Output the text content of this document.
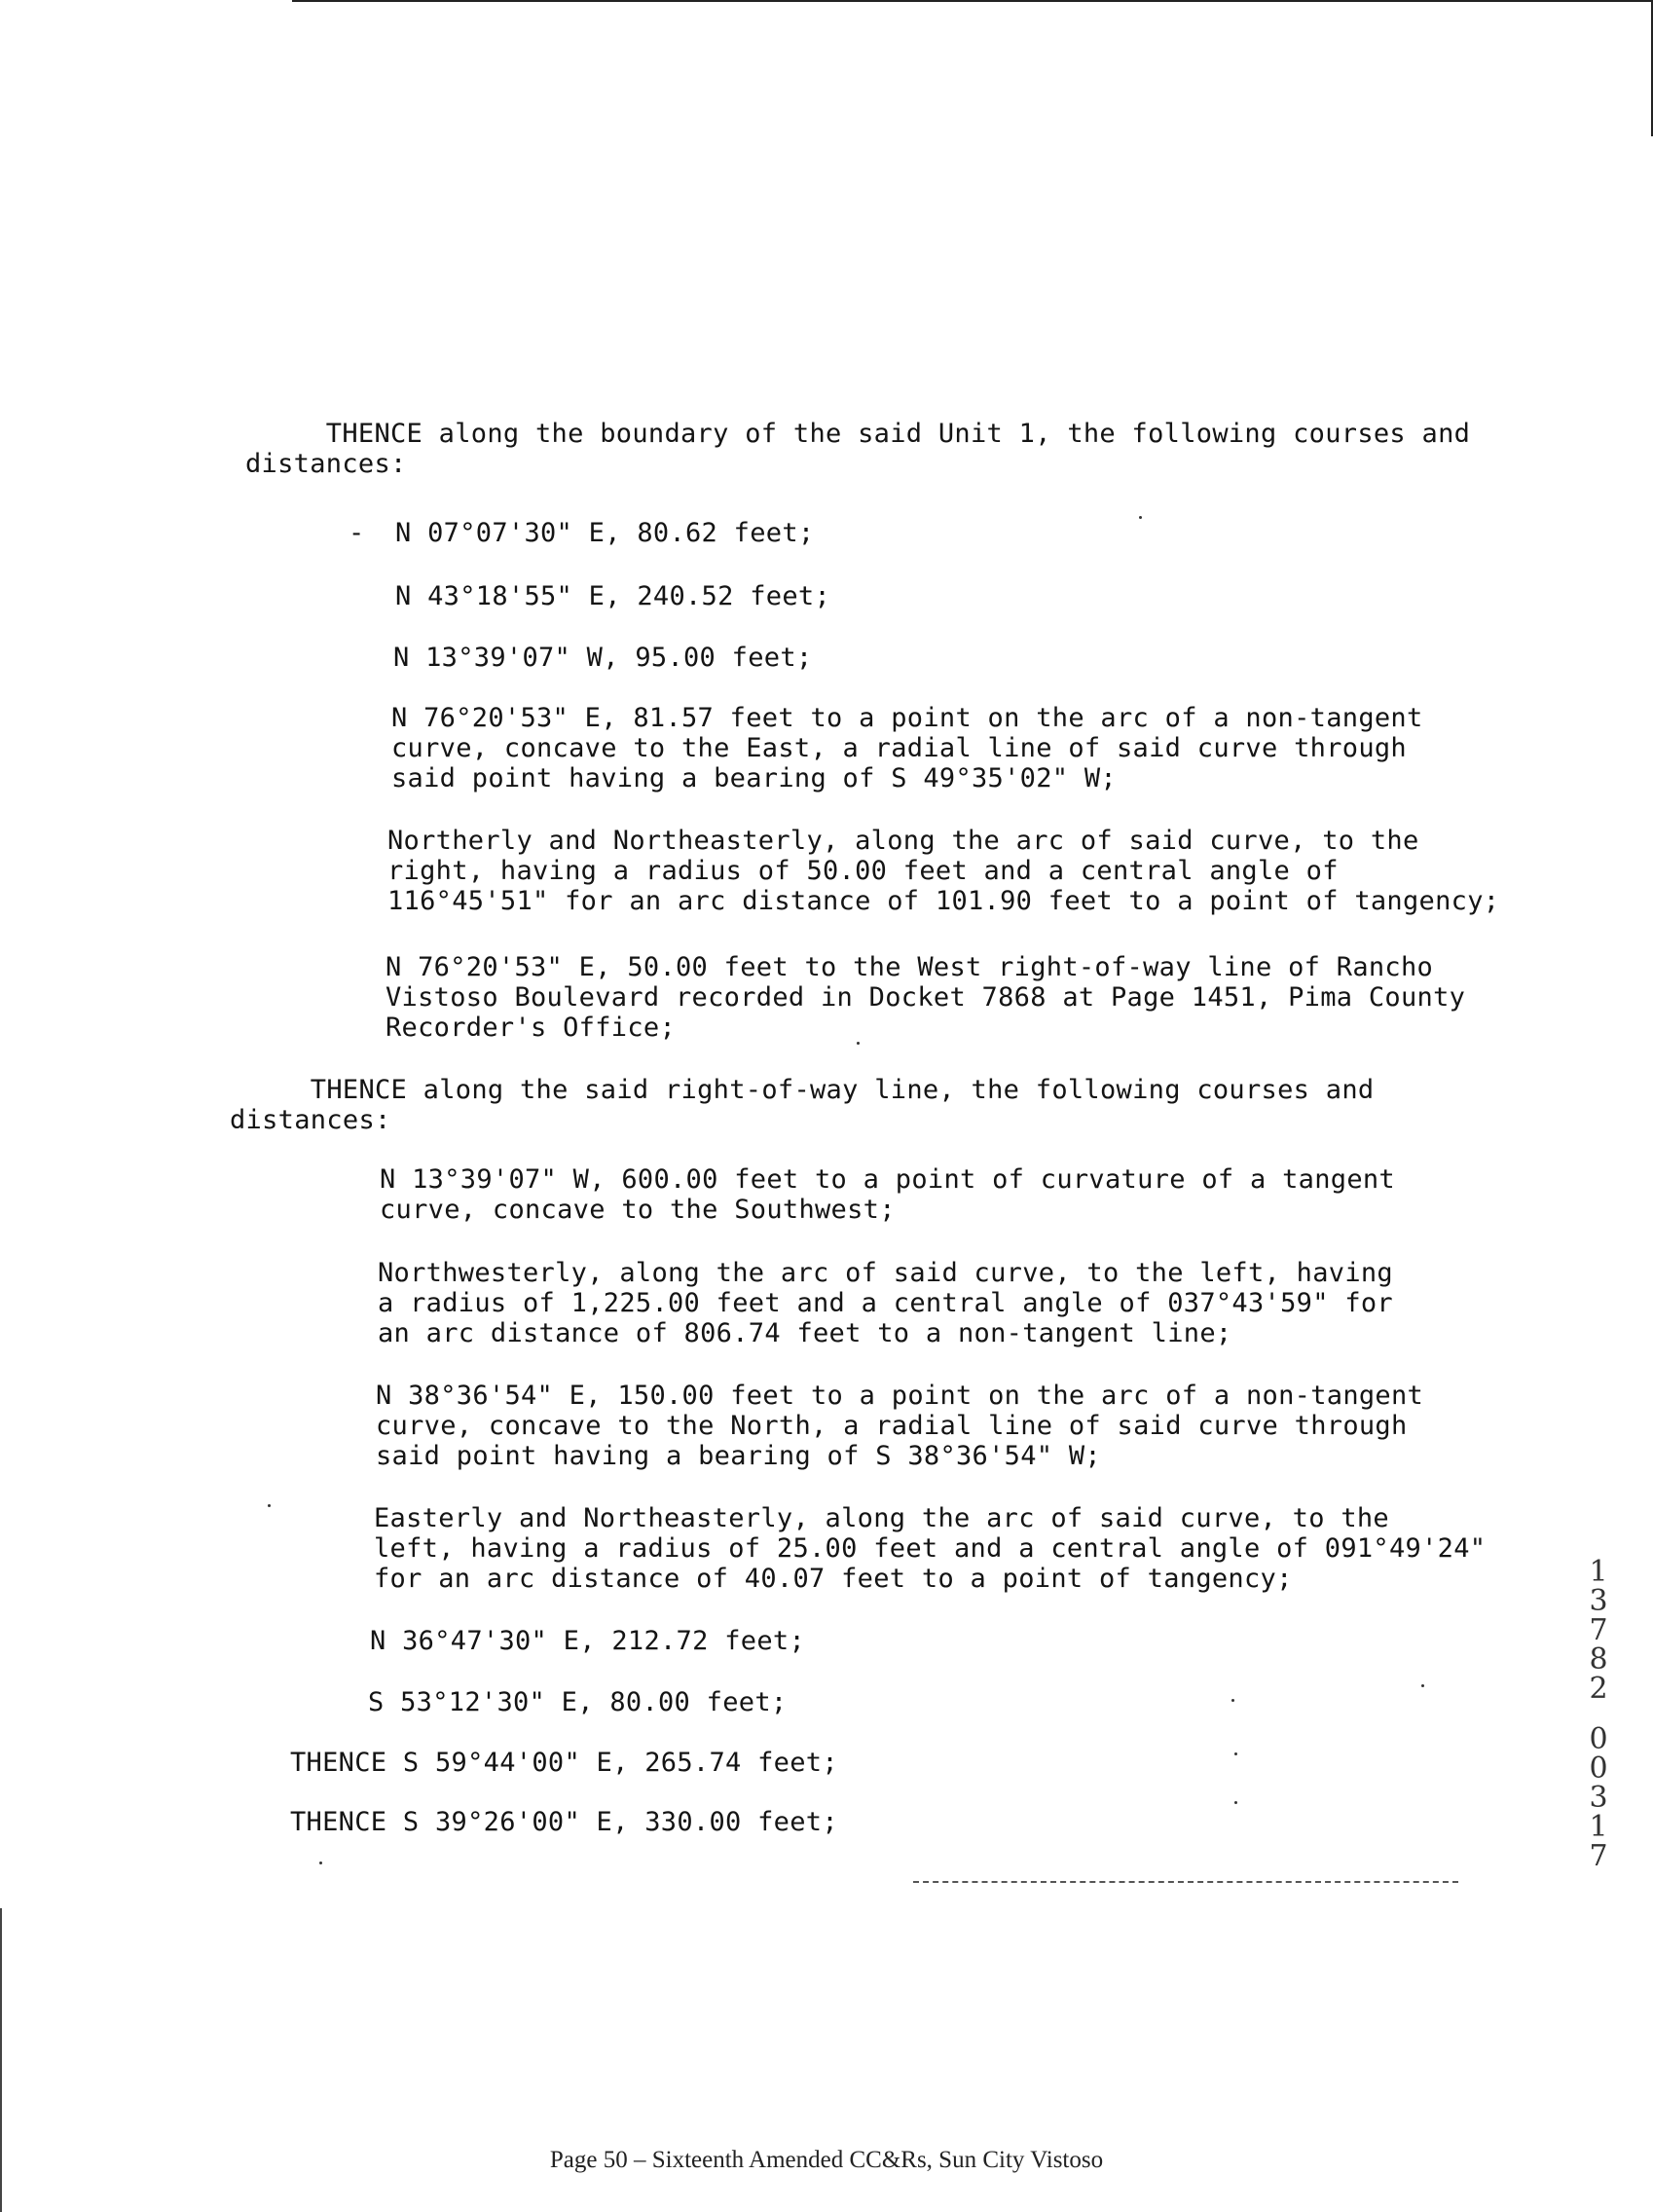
THENCE along the boundary of the said Unit 1, the following courses and
distances:

- N 07°07'30" E, 80.62 feet;

N 43°18'55" E, 240.52 feet;

N 13°39'07" W, 95.00 feet;

N 76°20'53" E, 81.57 feet to a point on the arc of a non-tangent
curve, concave to the East, a radial line of said curve through
said point having a bearing of S 49°35'02" W;

Northerly and Northeasterly, along the arc of said curve, to the
right, having a radius of 50.00 feet and a central angle of
116°45'51" for an arc distance of 101.90 feet to a point of tangency;

N 76°20'53" E, 50.00 feet to the West right-of-way line of Rancho
Vistoso Boulevard recorded in Docket 7868 at Page 1451, Pima County
Recorder's Office;

THENCE along the said right-of-way line, the following courses and
distances:

N 13°39'07" W, 600.00 feet to a point of curvature of a tangent
curve, concave to the Southwest;

Northwesterly, along the arc of said curve, to the left, having
a radius of 1,225.00 feet and a central angle of 037°43'59" for
an arc distance of 806.74 feet to a non-tangent line;

N 38°36'54" E, 150.00 feet to a point on the arc of a non-tangent
curve, concave to the North, a radial line of said curve through
said point having a bearing of S 38°36'54" W;

Easterly and Northeasterly, along the arc of said curve, to the
left, having a radius of 25.00 feet and a central angle of 091°49'24"
for an arc distance of 40.07 feet to a point of tangency;

N 36°47'30" E, 212.72 feet;

S 53°12'30" E, 80.00 feet;

THENCE S 59°44'00" E, 265.74 feet;

THENCE S 39°26'00" E, 330.00 feet;

13782
00317
Page 50 – Sixteenth Amended CC&Rs, Sun City Vistoso
